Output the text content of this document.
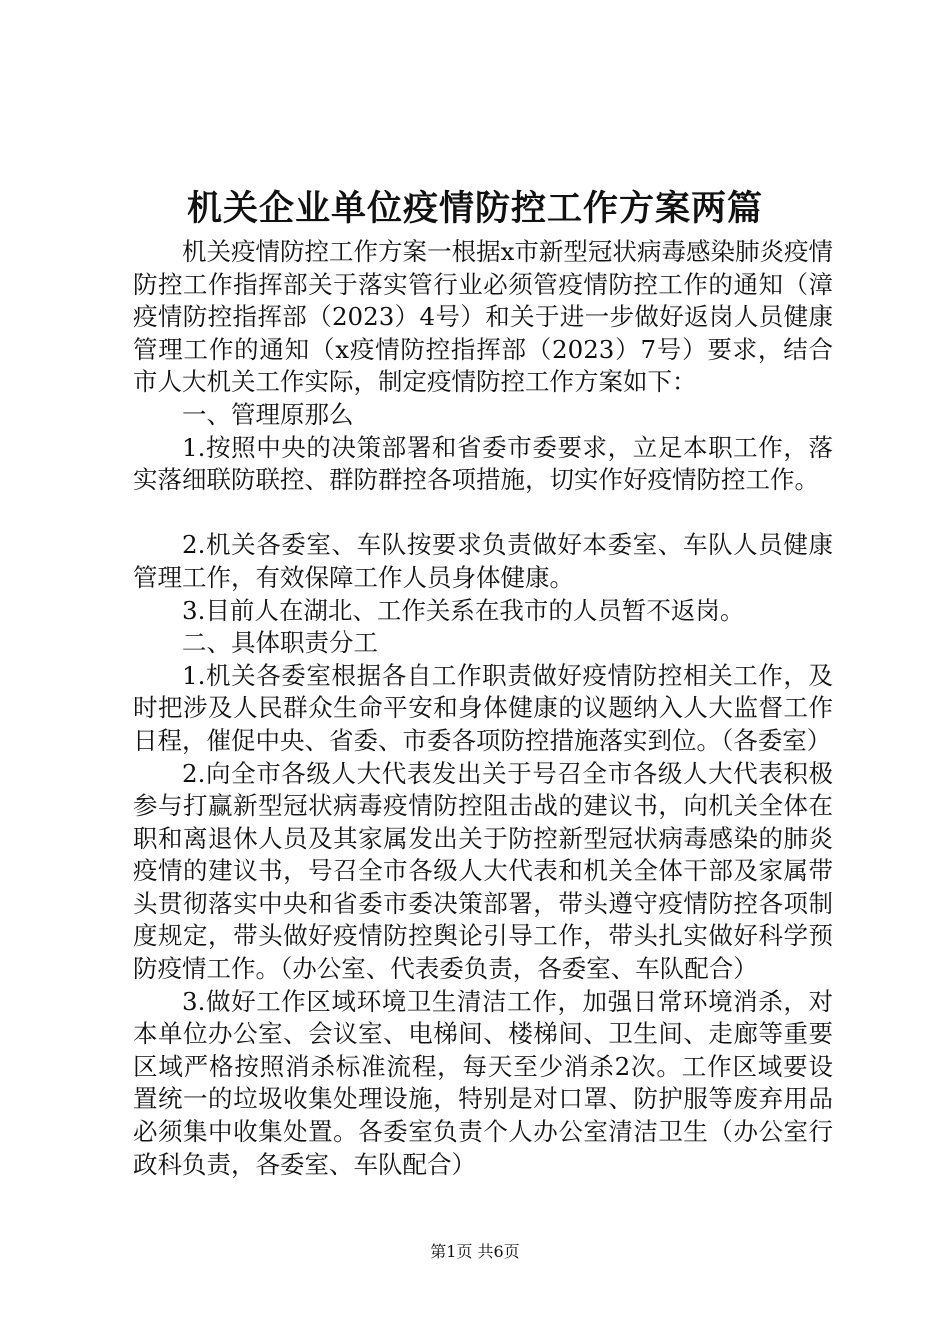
机关企业单位疫情防控工作方案两篇

机关疫情防控工作方案一根据x市新型冠状病毒感染肺炎疫情防控工作指挥部关于落实管行业必须管疫情防控工作的通知（漳疫情防控指挥部（2023）4号）和关于进一步做好返岗人员健康管理工作的通知（x疫情防控指挥部（2023）7号）要求，结合市人大机关工作实际，制定疫情防控工作方案如下：

一、管理原那么

1.按照中央的决策部署和省委市委要求，立足本职工作，落实落细联防联控、群防群控各项措施，切实作好疫情防控工作。

2.机关各委室、车队按要求负责做好本委室、车队人员健康管理工作，有效保障工作人员身体健康。

3.目前人在湖北、工作关系在我市的人员暂不返岗。

二、具体职责分工

1.机关各委室根据各自工作职责做好疫情防控相关工作，及时把涉及人民群众生命平安和身体健康的议题纳入人大监督工作日程，催促中央、省委、市委各项防控措施落实到位。（各委室）

2.向全市各级人大代表发出关于号召全市各级人大代表积极参与打赢新型冠状病毒疫情防控阻击战的建议书，向机关全体在职和离退休人员及其家属发出关于防控新型冠状病毒感染的肺炎疫情的建议书，号召全市各级人大代表和机关全体干部及家属带头贯彻落实中央和省委市委决策部署，带头遵守疫情防控各项制度规定，带头做好疫情防控舆论引导工作，带头扎实做好科学预防疫情工作。（办公室、代表委负责，各委室、车队配合）

3.做好工作区域环境卫生清洁工作，加强日常环境消杀，对本单位办公室、会议室、电梯间、楼梯间、卫生间、走廊等重要区域严格按照消杀标准流程，每天至少消杀2次。工作区域要设置统一的垃圾收集处理设施，特别是对口罩、防护服等废弃用品必须集中收集处置。各委室负责个人办公室清洁卫生（办公室行政科负责，各委室、车队配合）

第1页 共6页
